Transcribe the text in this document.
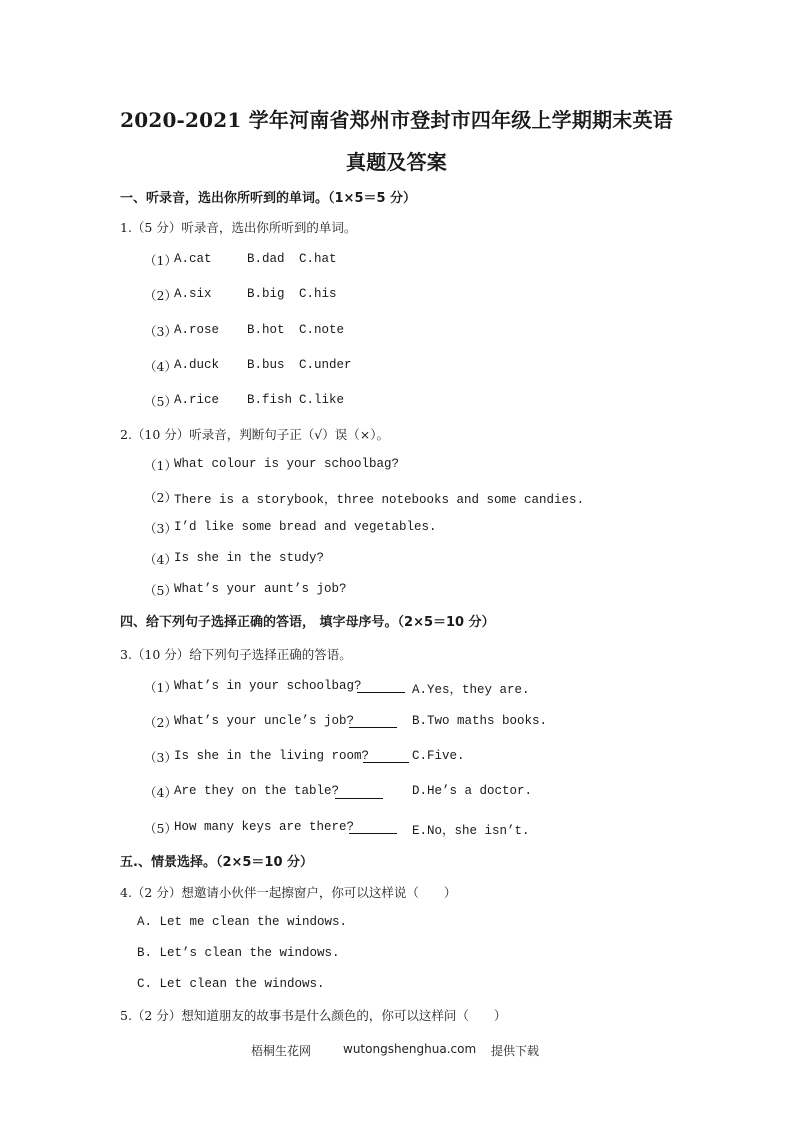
2020-2021 学年河南省郑州市登封市四年级上学期期末英语
真题及答案
一、听录音，选出你所听到的单词。（1×5＝5 分）
1.（5 分）听录音，选出你所听到的单词。
（1）
A.cat	B.dad C.hat
（2）
A.six	B.big C.his
（3）
A.rose B.hot C.note
（4）
A.duck B.bus C.under
（5）
A.rice B.fish C.like
2.（10 分）听录音，判断句子正（√）误（×）。
（1）
What colour is your schoolbag?
（2）
There is a storybook，three notebooks and some candies.
（3）
I’d like some bread and vegetables.
（4）
Is she in the study?
（5）
What’s your aunt’s job?
四、给下列句子选择正确的答语， 填字母序号。（2×5＝10 分）
3.（10 分）给下列句子选择正确的答语。
（1）
What’s in your schoolbag?	A.Yes，they are.
（2）
What’s your uncle’s job?	B.Two maths books.
（3）
Is she in the living room?	C.Five.
（4）
Are they on the table?	D.He’s a doctor.
（5）
How many keys are there?	E.No，she isn’t.
五.、情景选择。（2×5＝10 分）
4.（2 分）想邀请小伙伴一起擦窗户，你可以这样说（　　）
A. Let me clean the windows.
B. Let’s clean the windows.
C. Let clean the windows.
5.（2 分）想知道朋友的故事书是什么颜色的，你可以这样问（　　）
梧桐生花网	wutongshenghua.com 提供下载
